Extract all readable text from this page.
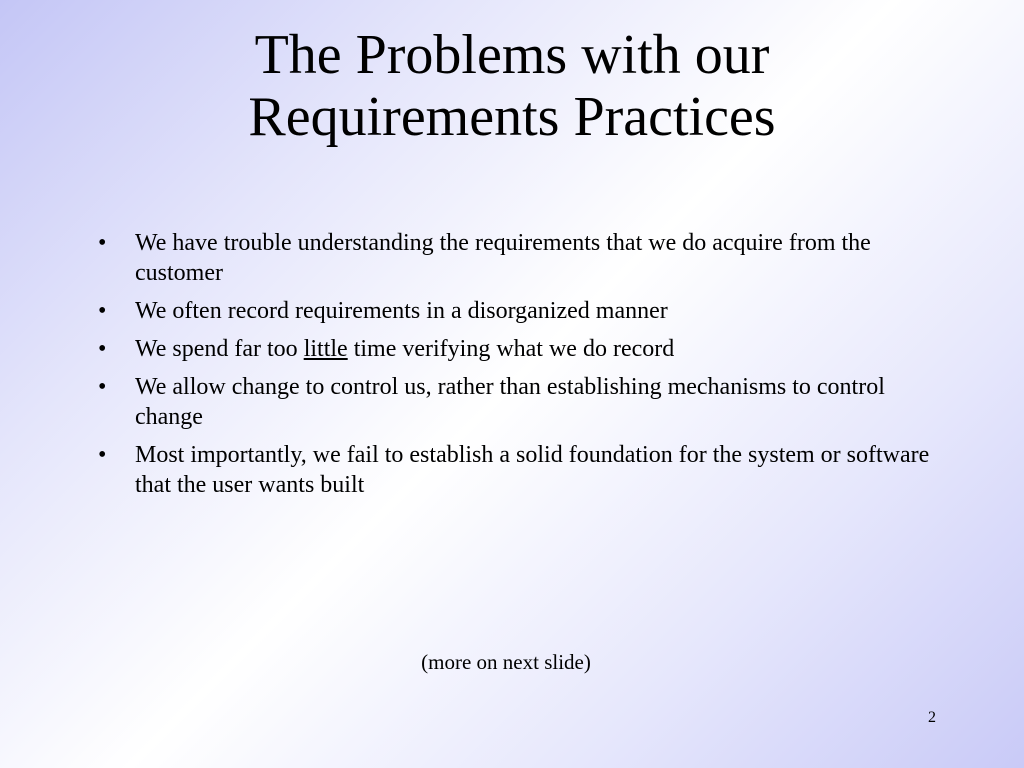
The Problems with our
Requirements Practices
• We have trouble understanding the requirements that we do acquire from the customer
• We often record requirements in a disorganized manner
• We spend far too little time verifying what we do record
• We allow change to control us, rather than establishing mechanisms to control change
• Most importantly, we fail to establish a solid foundation for the system or software that the user wants built
(more on next slide)
2
